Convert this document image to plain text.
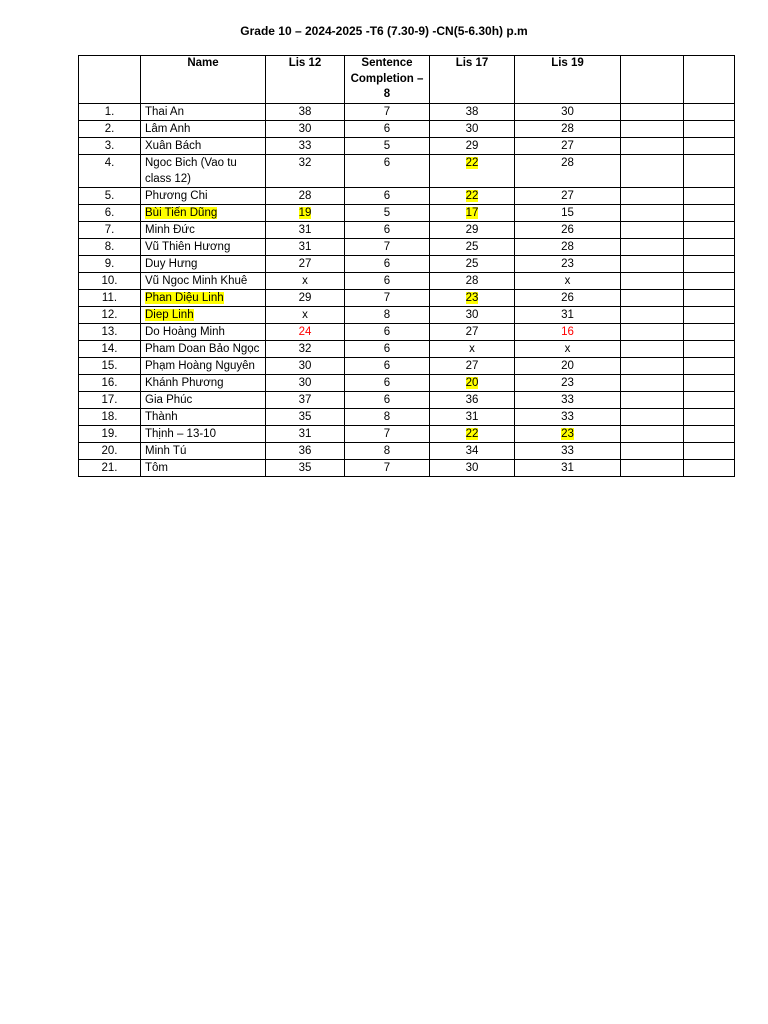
Grade 10 – 2024-2025 -T6 (7.30-9) -CN(5-6.30h) p.m
	Name	Lis 12	Sentence Completion – 8	Lis 17	Lis 19		
1.	Thai An	38	7	38	30		
2.	Lâm Anh	30	6	30	28		
3.	Xuân Bách	33	5	29	27		
4.	Ngoc Bich (Vao tu class 12)	32	6	22	28		
5.	Phương Chi	28	6	22	27		
6.	Bùi Tiến Dũng	19	5	17	15		
7.	Minh Đức	31	6	29	26		
8.	Vũ Thiên Hương	31	7	25	28		
9.	Duy Hưng	27	6	25	23		
10.	Vũ Ngoc Minh Khuê	x	6	28	x		
11.	Phan Diệu Linh	29	7	23	26		
12.	Diep Linh	x	8	30	31		
13.	Do Hoàng Minh	24	6	27	16		
14.	Pham Doan Bảo Ngọc	32	6	x	x		
15.	Phạm Hoàng Nguyên	30	6	27	20		
16.	Khánh Phương	30	6	20	23		
17.	Gia Phúc	37	6	36	33		
18.	Thành	35	8	31	33		
19.	Thịnh – 13-10	31	7	22	23		
20.	Minh Tú	36	8	34	33		
21.	Tôm	35	7	30	31		
